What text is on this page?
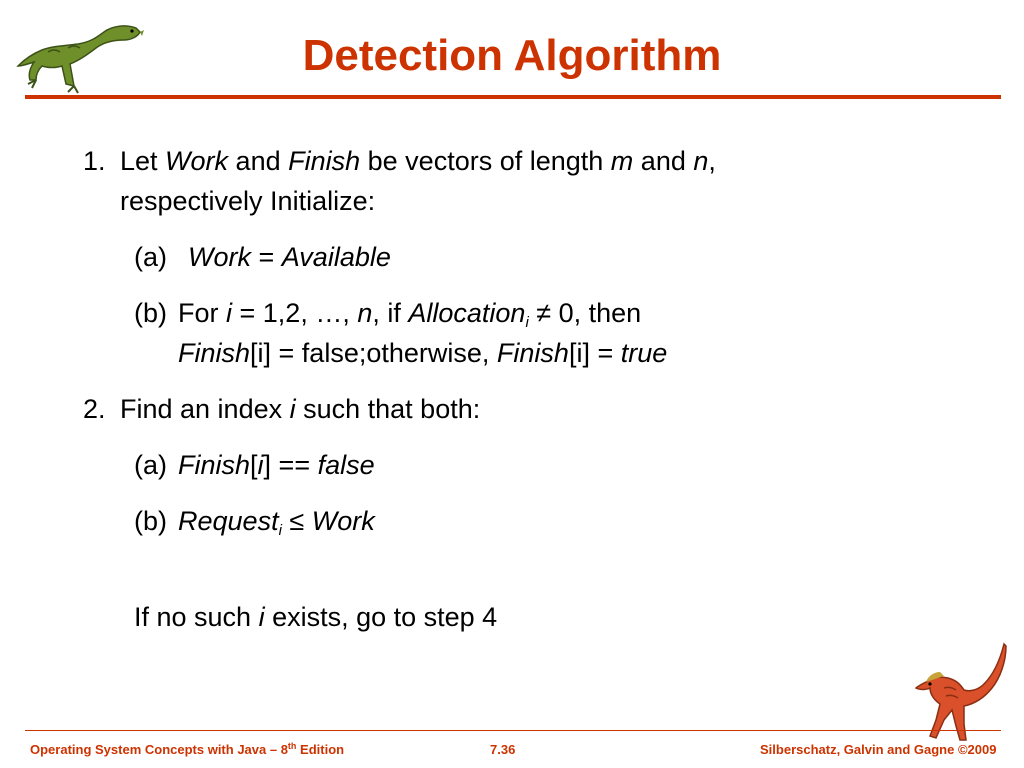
Detection Algorithm
1. Let Work and Finish be vectors of length m and n,
respectively Initialize:
(a) Work = Available
(b) For i = 1,2, …, n, if Allocation$_i$ ≠ 0, then
Finish[i] = false;otherwise, Finish[i] = true
2. Find an index i such that both:
(a) Finish[i] == false
(b) Request$_i$ ≤ Work
If no such i exists, go to step 4
Operating System Concepts with Java – 8th Edition	7.36	Silberschatz, Galvin and Gagne ©2009
